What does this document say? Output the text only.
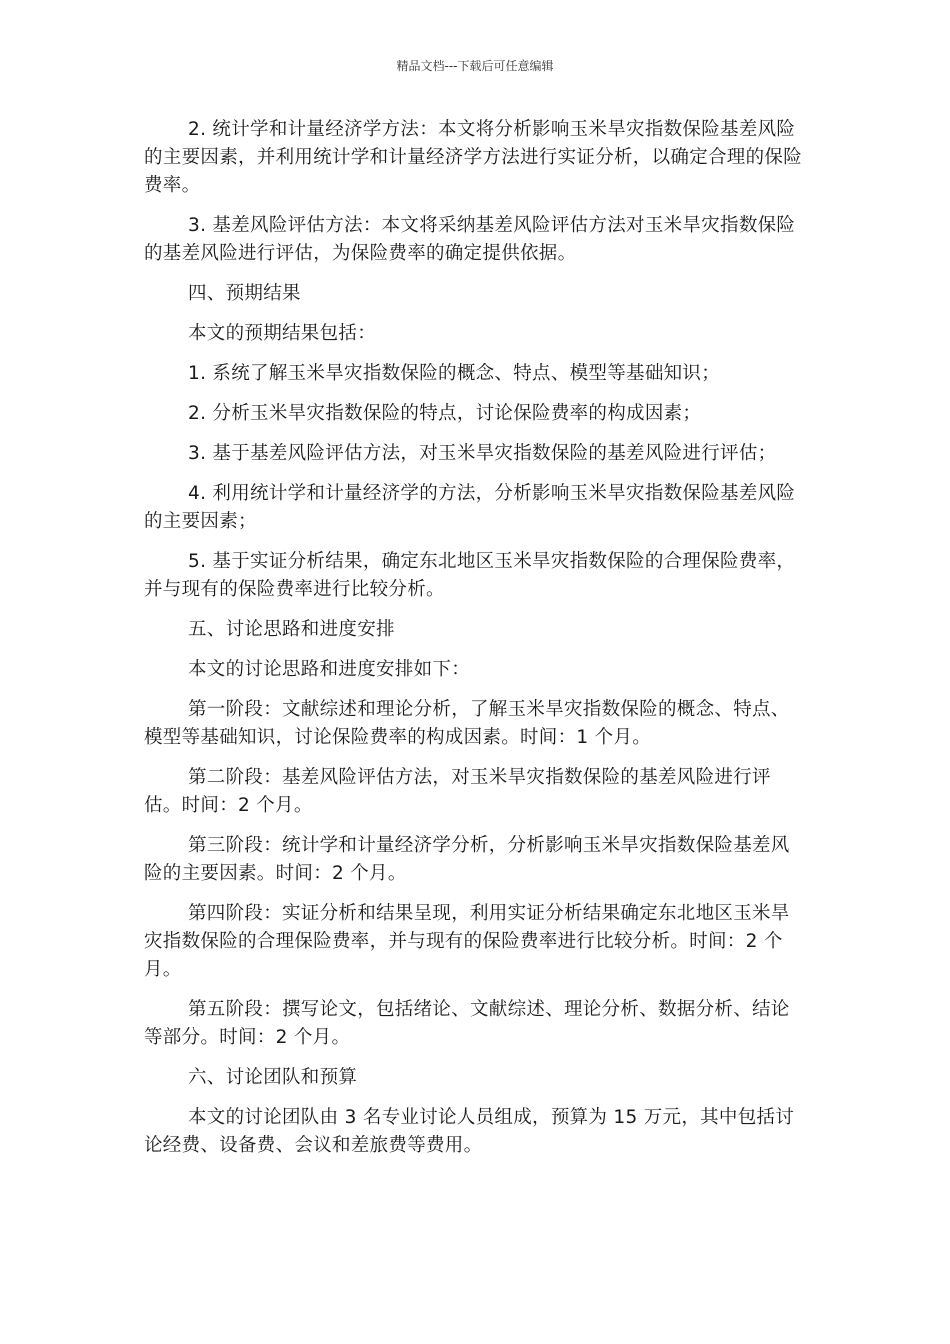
精品文档---下载后可任意编辑

2. 统计学和计量经济学方法：本文将分析影响玉米旱灾指数保险基差风险的主要因素，并利用统计学和计量经济学方法进行实证分析，以确定合理的保险费率。

3. 基差风险评估方法：本文将采纳基差风险评估方法对玉米旱灾指数保险的基差风险进行评估，为保险费率的确定提供依据。

四、预期结果

本文的预期结果包括：

1. 系统了解玉米旱灾指数保险的概念、特点、模型等基础知识；

2. 分析玉米旱灾指数保险的特点，讨论保险费率的构成因素；

3. 基于基差风险评估方法，对玉米旱灾指数保险的基差风险进行评估；

4. 利用统计学和计量经济学的方法，分析影响玉米旱灾指数保险基差风险的主要因素；

5. 基于实证分析结果，确定东北地区玉米旱灾指数保险的合理保险费率，并与现有的保险费率进行比较分析。

五、讨论思路和进度安排

本文的讨论思路和进度安排如下：

第一阶段：文献综述和理论分析，了解玉米旱灾指数保险的概念、特点、模型等基础知识，讨论保险费率的构成因素。时间：1 个月。

第二阶段：基差风险评估方法，对玉米旱灾指数保险的基差风险进行评估。时间：2 个月。

第三阶段：统计学和计量经济学分析，分析影响玉米旱灾指数保险基差风险的主要因素。时间：2 个月。

第四阶段：实证分析和结果呈现，利用实证分析结果确定东北地区玉米旱灾指数保险的合理保险费率，并与现有的保险费率进行比较分析。时间：2 个月。

第五阶段：撰写论文，包括绪论、文献综述、理论分析、数据分析、结论等部分。时间：2 个月。

六、讨论团队和预算

本文的讨论团队由 3 名专业讨论人员组成，预算为 15 万元，其中包括讨论经费、设备费、会议和差旅费等费用。
